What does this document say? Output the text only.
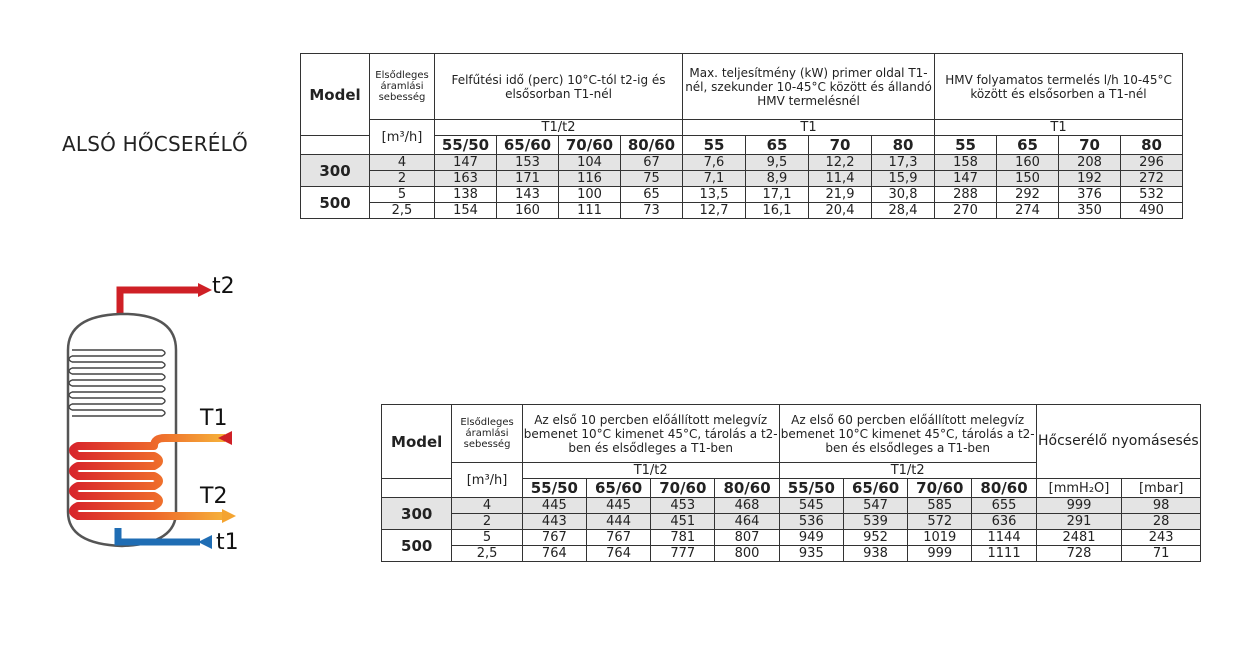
ALSÓ HŐCSERÉLŐ
t2
T1
T2
t1
Model	Elsődleges áramlási sebesség	Felfűtési idő (perc) 10°C-tól t2-ig és elsősorban T1-nél				Max. teljesítmény (kW) primer oldal T1-nél, szekunder 10-45°C között és állandó HMV termelésnél				HMV folyamatos termelés l/h 10-45°C között és elsősorben a T1-nél			
	[m³/h]	T1/t2				T1				T1			
		55/50	65/60	70/60	80/60	55	65	70	80	55	65	70	80
300	4	147	153	104	67	7,6	9,5	12,2	17,3	158	160	208	296
	2	163	171	116	75	7,1	8,9	11,4	15,9	147	150	192	272
500	5	138	143	100	65	13,5	17,1	21,9	30,8	288	292	376	532
	2,5	154	160	111	73	12,7	16,1	20,4	28,4	270	274	350	490
Model	Elsődleges áramlási sebesség	Az első 10 percben előállított melegvíz bemenet 10°C kimenet 45°C, tárolás a t2-ben és elsődleges a T1-ben				Az első 60 percben előállított melegvíz bemenet 10°C kimenet 45°C, tárolás a t2-ben és elsődleges a T1-ben				Hőcserélő nyomásesés	
	[m³/h]	T1/t2				T1/t2					
		55/50	65/60	70/60	80/60	55/50	65/60	70/60	80/60	[mmH₂O]	[mbar]
300	4	445	445	453	468	545	547	585	655	999	98
	2	443	444	451	464	536	539	572	636	291	28
500	5	767	767	781	807	949	952	1019	1144	2481	243
	2,5	764	764	777	800	935	938	999	1111	728	71
